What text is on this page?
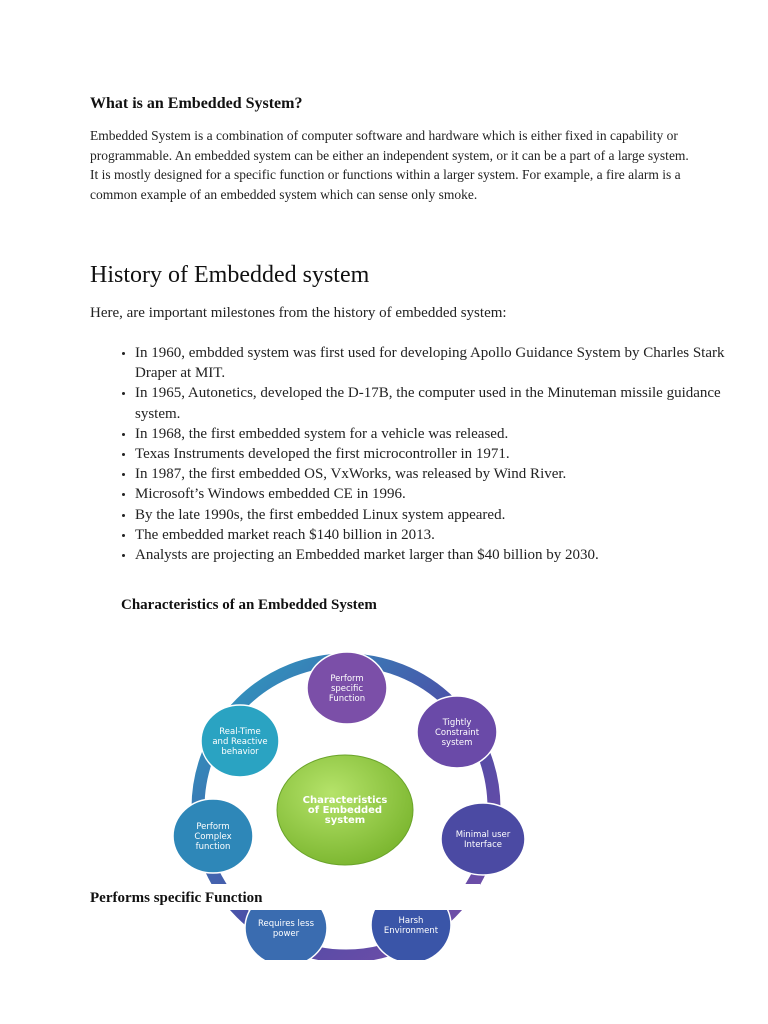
What is an Embedded System?

Embedded System is a combination of computer software and hardware which is either fixed in capability or programmable. An embedded system can be either an independent system, or it can be a part of a large system. It is mostly designed for a specific function or functions within a larger system. For example, a fire alarm is a common example of an embedded system which can sense only smoke.

History of Embedded system

Here, are important milestones from the history of embedded system:

• In 1960, embdded system was first used for developing Apollo Guidance System by Charles Stark Draper at MIT.
• In 1965, Autonetics, developed the D-17B, the computer used in the Minuteman missile guidance system.
• In 1968, the first embedded system for a vehicle was released.
• Texas Instruments developed the first microcontroller in 1971.
• In 1987, the first embedded OS, VxWorks, was released by Wind River.
• Microsoft’s Windows embedded CE in 1996.
• By the late 1990s, the first embedded Linux system appeared.
• The embedded market reach $140 billion in 2013.
• Analysts are projecting an Embedded market larger than $40 billion by 2030.
Characteristics of an Embedded System
Characteristics of Embedded system
Perform specific Function
Tightly Constraint system
Minimal user Interface
Harsh Environment
Requires less power
Perform Complex function
Real-Time and Reactive behavior
Performs specific Function
